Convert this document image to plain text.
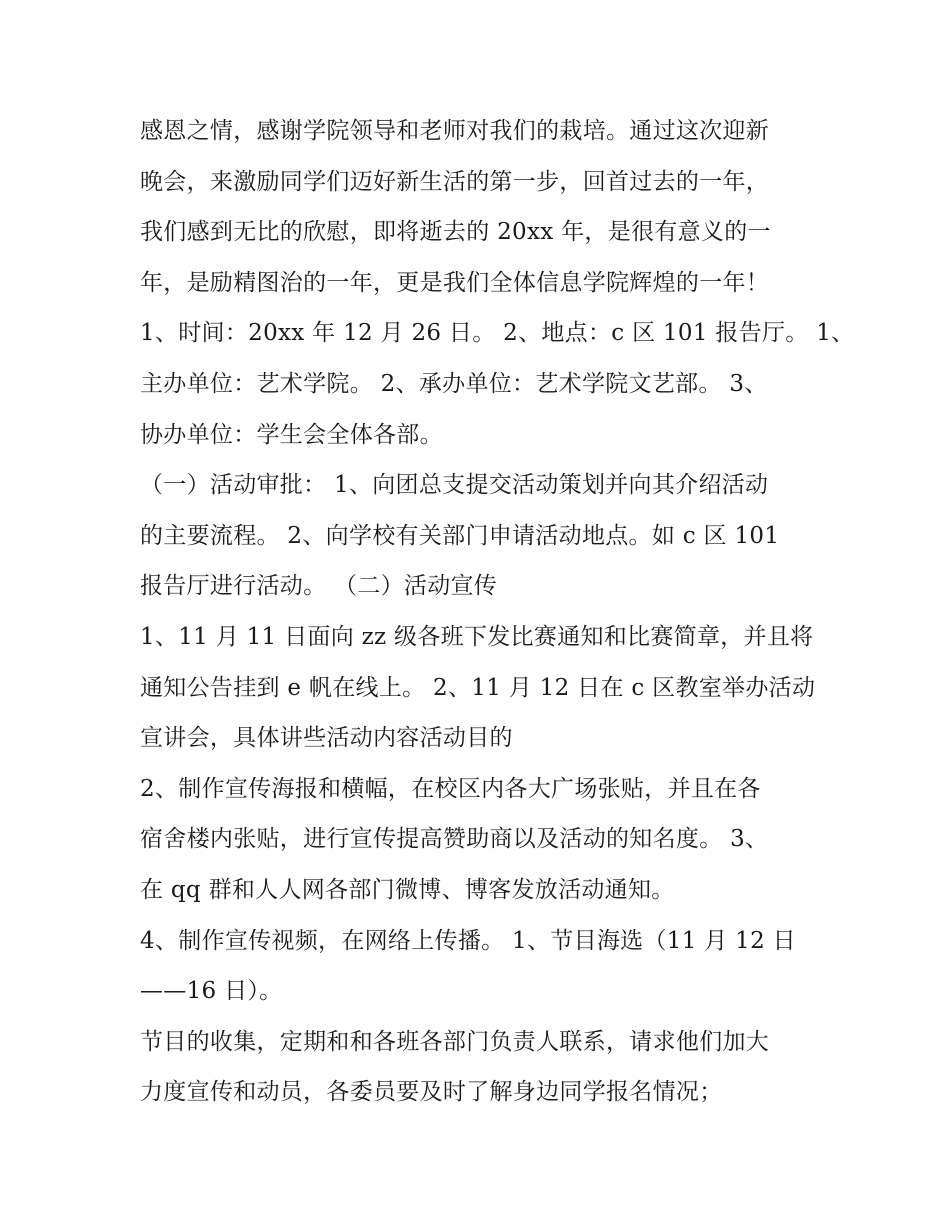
感恩之情，感谢学院领导和老师对我们的栽培。通过这次迎新
晚会，来激励同学们迈好新生活的第一步，回首过去的一年，
我们感到无比的欣慰，即将逝去的 20xx 年，是很有意义的一
年，是励精图治的一年，更是我们全体信息学院辉煌的一年！
1、时间：20xx 年 12 月 26 日。 2、地点：c 区 101 报告厅。 1、
主办单位：艺术学院。 2、承办单位：艺术学院文艺部。 3、
协办单位：学生会全体各部。
（一）活动审批： 1、向团总支提交活动策划并向其介绍活动
的主要流程。 2、向学校有关部门申请活动地点。如 c 区 101
报告厅进行活动。 （二）活动宣传
1、11 月 11 日面向 zz 级各班下发比赛通知和比赛简章，并且将
通知公告挂到 e 帆在线上。 2、11 月 12 日在 c 区教室举办活动
宣讲会，具体讲些活动内容活动目的
2、制作宣传海报和横幅，在校区内各大广场张贴，并且在各
宿舍楼内张贴，进行宣传提高赞助商以及活动的知名度。 3、
在 qq 群和人人网各部门微博、博客发放活动通知。
4、制作宣传视频，在网络上传播。 1、节目海选（11 月 12 日
——16 日）。
节目的收集，定期和和各班各部门负责人联系，请求他们加大
力度宣传和动员，各委员要及时了解身边同学报名情况；
